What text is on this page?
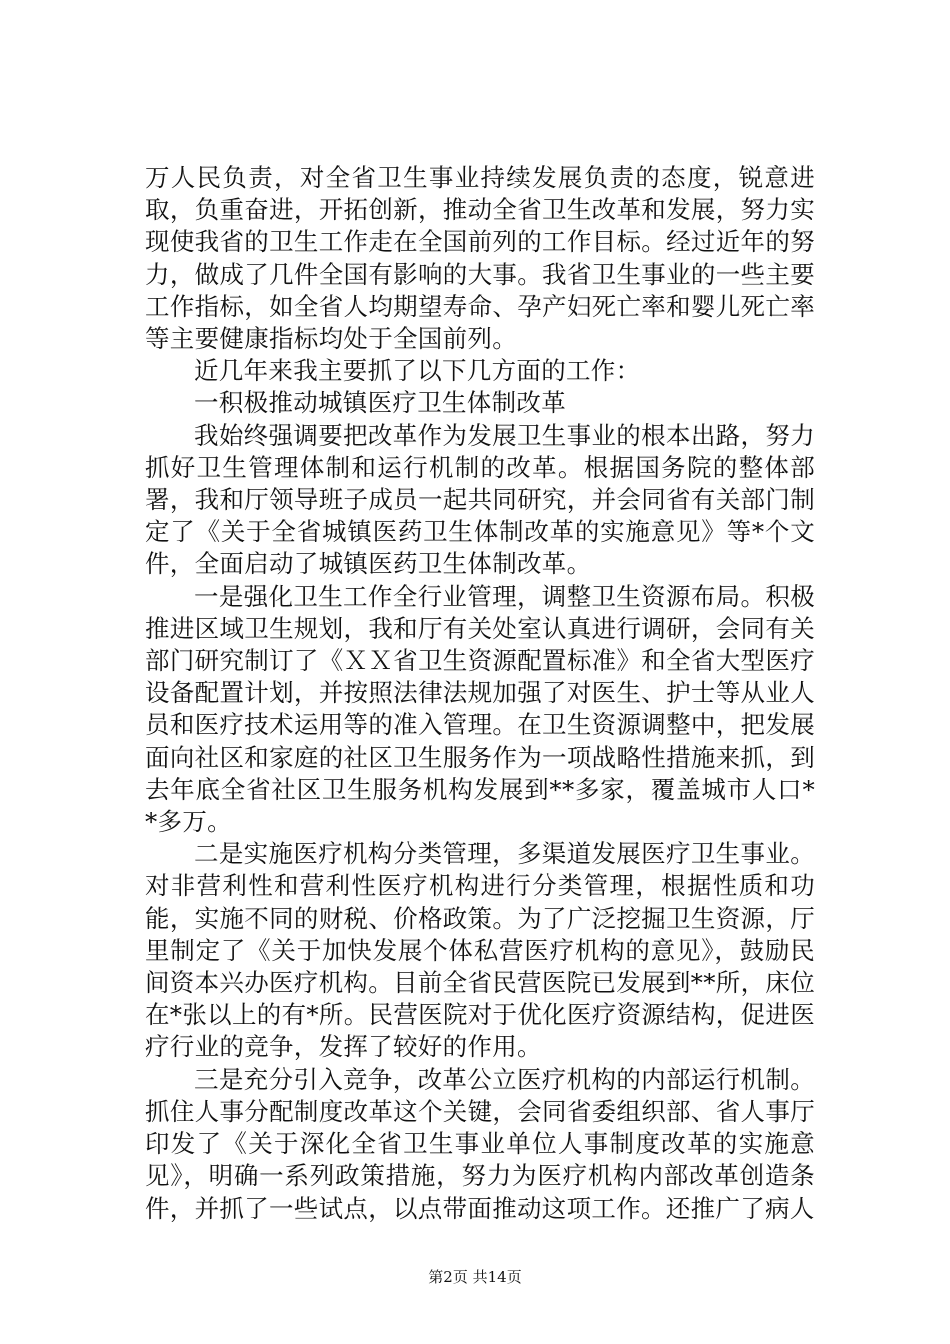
万人民负责，对全省卫生事业持续发展负责的态度，锐意进取，负重奋进，开拓创新，推动全省卫生改革和发展，努力实现使我省的卫生工作走在全国前列的工作目标。经过近年的努力，做成了几件全国有影响的大事。我省卫生事业的一些主要工作指标，如全省人均期望寿命、孕产妇死亡率和婴儿死亡率等主要健康指标均处于全国前列。

近几年来我主要抓了以下几方面的工作：

一积极推动城镇医疗卫生体制改革

我始终强调要把改革作为发展卫生事业的根本出路，努力抓好卫生管理体制和运行机制的改革。根据国务院的整体部署，我和厅领导班子成员一起共同研究，并会同省有关部门制定了《关于全省城镇医药卫生体制改革的实施意见》等*个文件，全面启动了城镇医药卫生体制改革。

一是强化卫生工作全行业管理，调整卫生资源布局。积极推进区域卫生规划，我和厅有关处室认真进行调研，会同有关部门研究制订了《ＸＸ省卫生资源配置标准》和全省大型医疗设备配置计划，并按照法律法规加强了对医生、护士等从业人员和医疗技术运用等的准入管理。在卫生资源调整中，把发展面向社区和家庭的社区卫生服务作为一项战略性措施来抓，到去年底全省社区卫生服务机构发展到**多家，覆盖城市人口**多万。

二是实施医疗机构分类管理，多渠道发展医疗卫生事业。对非营利性和营利性医疗机构进行分类管理，根据性质和功能，实施不同的财税、价格政策。为了广泛挖掘卫生资源，厅里制定了《关于加快发展个体私营医疗机构的意见》，鼓励民间资本兴办医疗机构。目前全省民营医院已发展到**所，床位在*张以上的有*所。民营医院对于优化医疗资源结构，促进医疗行业的竞争，发挥了较好的作用。

三是充分引入竞争，改革公立医疗机构的内部运行机制。抓住人事分配制度改革这个关键，会同省委组织部、省人事厅印发了《关于深化全省卫生事业单位人事制度改革的实施意见》，明确一系列政策措施，努力为医疗机构内部改革创造条件，并抓了一些试点，以点带面推动这项工作。还推广了病人

第2页 共14页
